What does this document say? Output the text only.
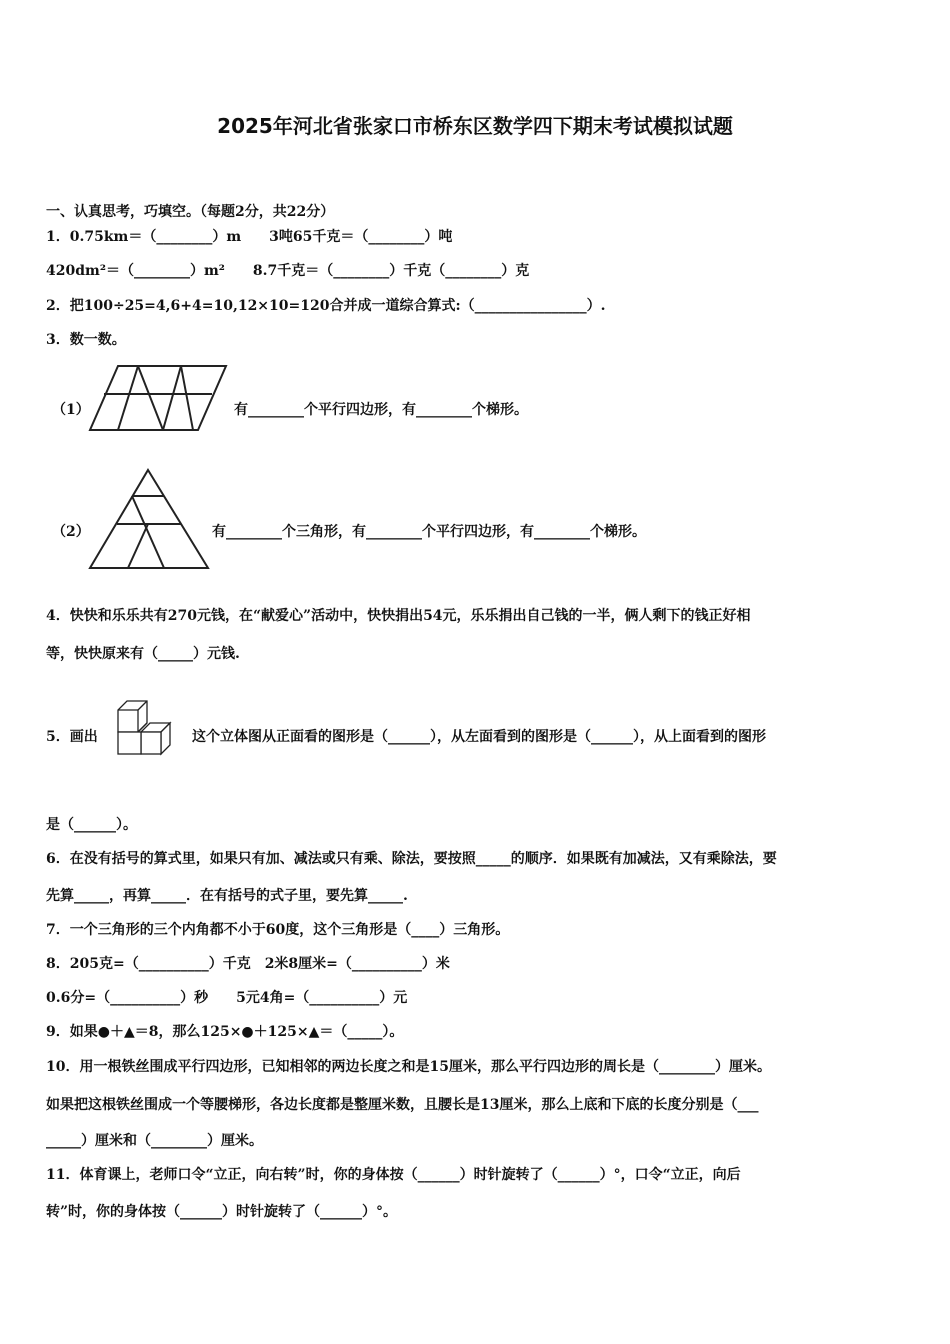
2025年河北省张家口市桥东区数学四下期末考试模拟试题
一、认真思考，巧填空。（每题2分，共22分）
1．0.75km＝（________）m　　3吨65千克＝（________）吨
420dm²＝（________）m²　　8.7千克＝（________）千克（________）克
2．把100÷25=4,6+4=10,12×10=120合并成一道综合算式:（________________）.
3．数一数。
（1）	有________个平行四边形，有________个梯形。
（2）	有________个三角形，有________个平行四边形，有________个梯形。
4．快快和乐乐共有270元钱，在“献爱心”活动中，快快捐出54元，乐乐捐出自己钱的一半，俩人剩下的钱正好相
等，快快原来有（_____）元钱.
5．画出	这个立体图从正面看的图形是（______），从左面看到的图形是（______），从上面看到的图形
是（______）。
6．在没有括号的算式里，如果只有加、减法或只有乘、除法，要按照_____的顺序．如果既有加减法，又有乘除法，要
先算_____，再算_____．在有括号的式子里，要先算_____.
7．一个三角形的三个内角都不小于60度，这个三角形是（____）三角形。
8．205克=（__________）千克　2米8厘米=（__________）米
0.6分=（__________）秒　　5元4角=（__________）元
9．如果●＋▲＝8，那么125×●＋125×▲＝（_____）。
10．用一根铁丝围成平行四边形，已知相邻的两边长度之和是15厘米，那么平行四边形的周长是（________）厘米。
如果把这根铁丝围成一个等腰梯形，各边长度都是整厘米数，且腰长是13厘米，那么上底和下底的长度分别是（___
_____）厘米和（________）厘米。
11．体育课上，老师口令“立正，向右转”时，你的身体按（______）时针旋转了（______）°，口令“立正，向后
转”时，你的身体按（______）时针旋转了（______）°。
